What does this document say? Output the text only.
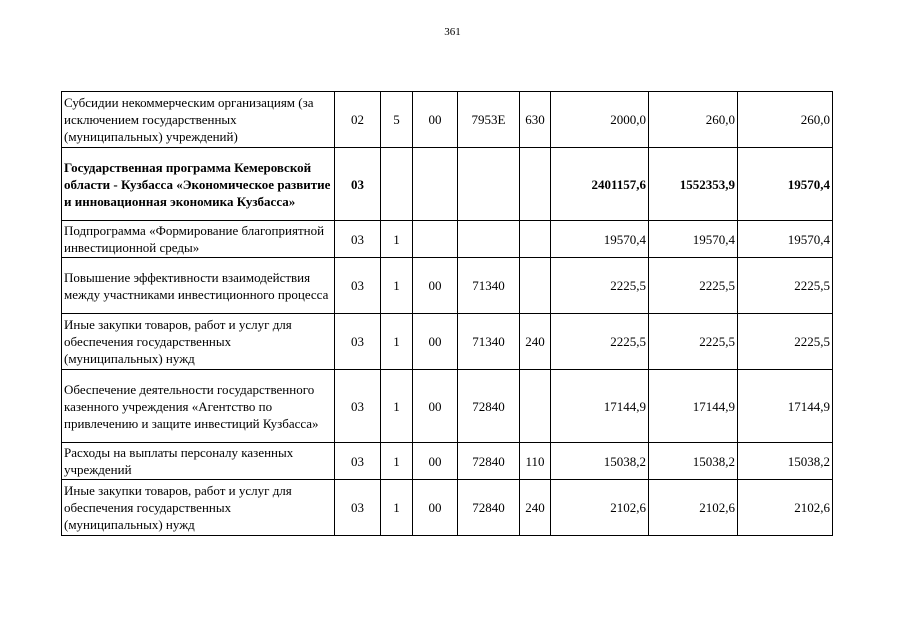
361
Субсидии некоммерческим организациям (за исключением государственных (муниципальных) учреждений)	02	5	00	7953E	630	2000,0	260,0	260,0
Государственная программа Кемеровской области - Кузбасса «Экономическое развитие и инновационная экономика Кузбасса»	03					2401157,6	1552353,9	19570,4
Подпрограмма «Формирование благоприятной инвестиционной среды»	03	1				19570,4	19570,4	19570,4
Повышение эффективности взаимодействия между участниками инвестиционного процесса	03	1	00	71340		2225,5	2225,5	2225,5
Иные закупки товаров, работ и услуг для обеспечения государственных (муниципальных) нужд	03	1	00	71340	240	2225,5	2225,5	2225,5
Обеспечение деятельности государственного казенного учреждения «Агентство по привлечению и защите инвестиций Кузбасса»	03	1	00	72840		17144,9	17144,9	17144,9
Расходы на выплаты персоналу казенных учреждений	03	1	00	72840	110	15038,2	15038,2	15038,2
Иные закупки товаров, работ и услуг для обеспечения государственных (муниципальных) нужд	03	1	00	72840	240	2102,6	2102,6	2102,6
